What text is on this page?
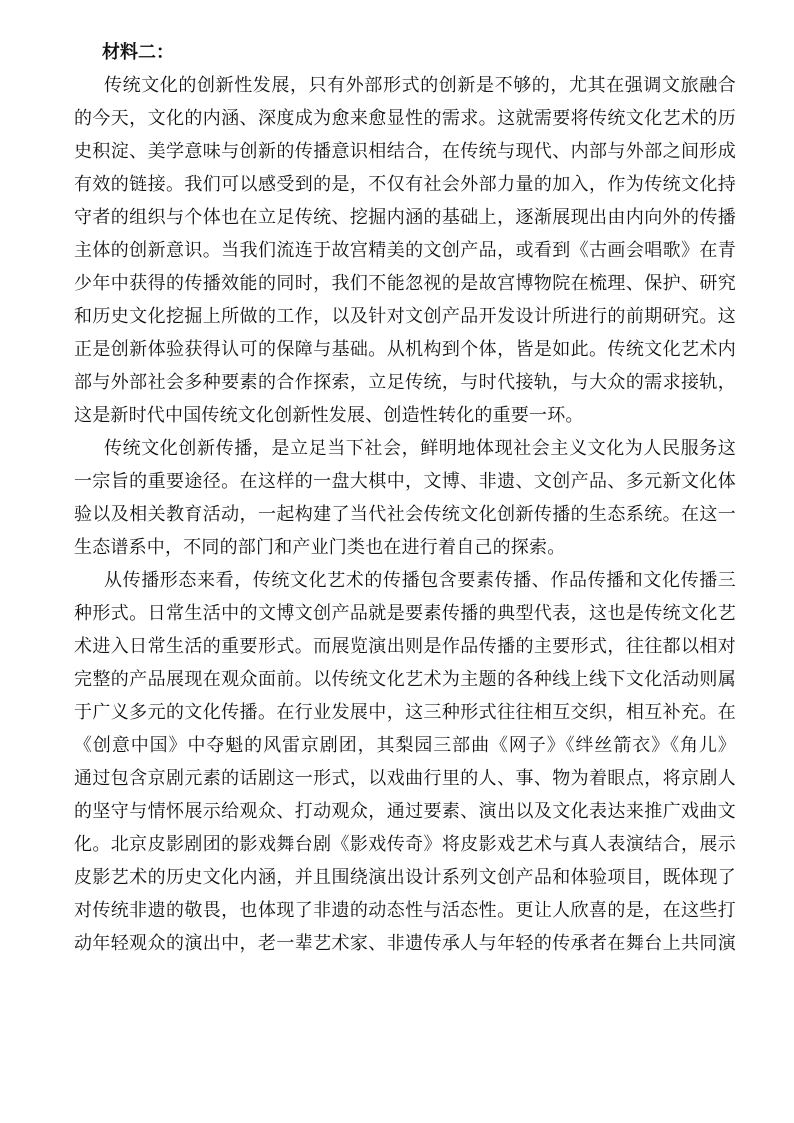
材料二：

传统文化的创新性发展，只有外部形式的创新是不够的，尤其在强调文旅融合
的今天，文化的内涵、深度成为愈来愈显性的需求。这就需要将传统文化艺术的历
史积淀、美学意味与创新的传播意识相结合，在传统与现代、内部与外部之间形成
有效的链接。我们可以感受到的是，不仅有社会外部力量的加入，作为传统文化持
守者的组织与个体也在立足传统、挖掘内涵的基础上，逐渐展现出由内向外的传播
主体的创新意识。当我们流连于故宫精美的文创产品，或看到《古画会唱歌》在青
少年中获得的传播效能的同时，我们不能忽视的是故宫博物院在梳理、保护、研究
和历史文化挖掘上所做的工作，以及针对文创产品开发设计所进行的前期研究。这
正是创新体验获得认可的保障与基础。从机构到个体，皆是如此。传统文化艺术内
部与外部社会多种要素的合作探索，立足传统，与时代接轨，与大众的需求接轨，
这是新时代中国传统文化创新性发展、创造性转化的重要一环。
传统文化创新传播，是立足当下社会，鲜明地体现社会主义文化为人民服务这
一宗旨的重要途径。在这样的一盘大棋中，文博、非遗、文创产品、多元新文化体
验以及相关教育活动，一起构建了当代社会传统文化创新传播的生态系统。在这一
生态谱系中，不同的部门和产业门类也在进行着自己的探索。
从传播形态来看，传统文化艺术的传播包含要素传播、作品传播和文化传播三
种形式。日常生活中的文博文创产品就是要素传播的典型代表，这也是传统文化艺
术进入日常生活的重要形式。而展览演出则是作品传播的主要形式，往往都以相对
完整的产品展现在观众面前。以传统文化艺术为主题的各种线上线下文化活动则属
于广义多元的文化传播。在行业发展中，这三种形式往往相互交织，相互补充。在
《创意中国》中夺魁的风雷京剧团，其梨园三部曲《网子》《绊丝箭衣》《角儿》
通过包含京剧元素的话剧这一形式，以戏曲行里的人、事、物为着眼点，将京剧人
的坚守与情怀展示给观众、打动观众，通过要素、演出以及文化表达来推广戏曲文
化。北京皮影剧团的影戏舞台剧《影戏传奇》将皮影戏艺术与真人表演结合，展示
皮影艺术的历史文化内涵，并且围绕演出设计系列文创产品和体验项目，既体现了
对传统非遗的敬畏，也体现了非遗的动态性与活态性。更让人欣喜的是，在这些打
动年轻观众的演出中，老一辈艺术家、非遗传承人与年轻的传承者在舞台上共同演
